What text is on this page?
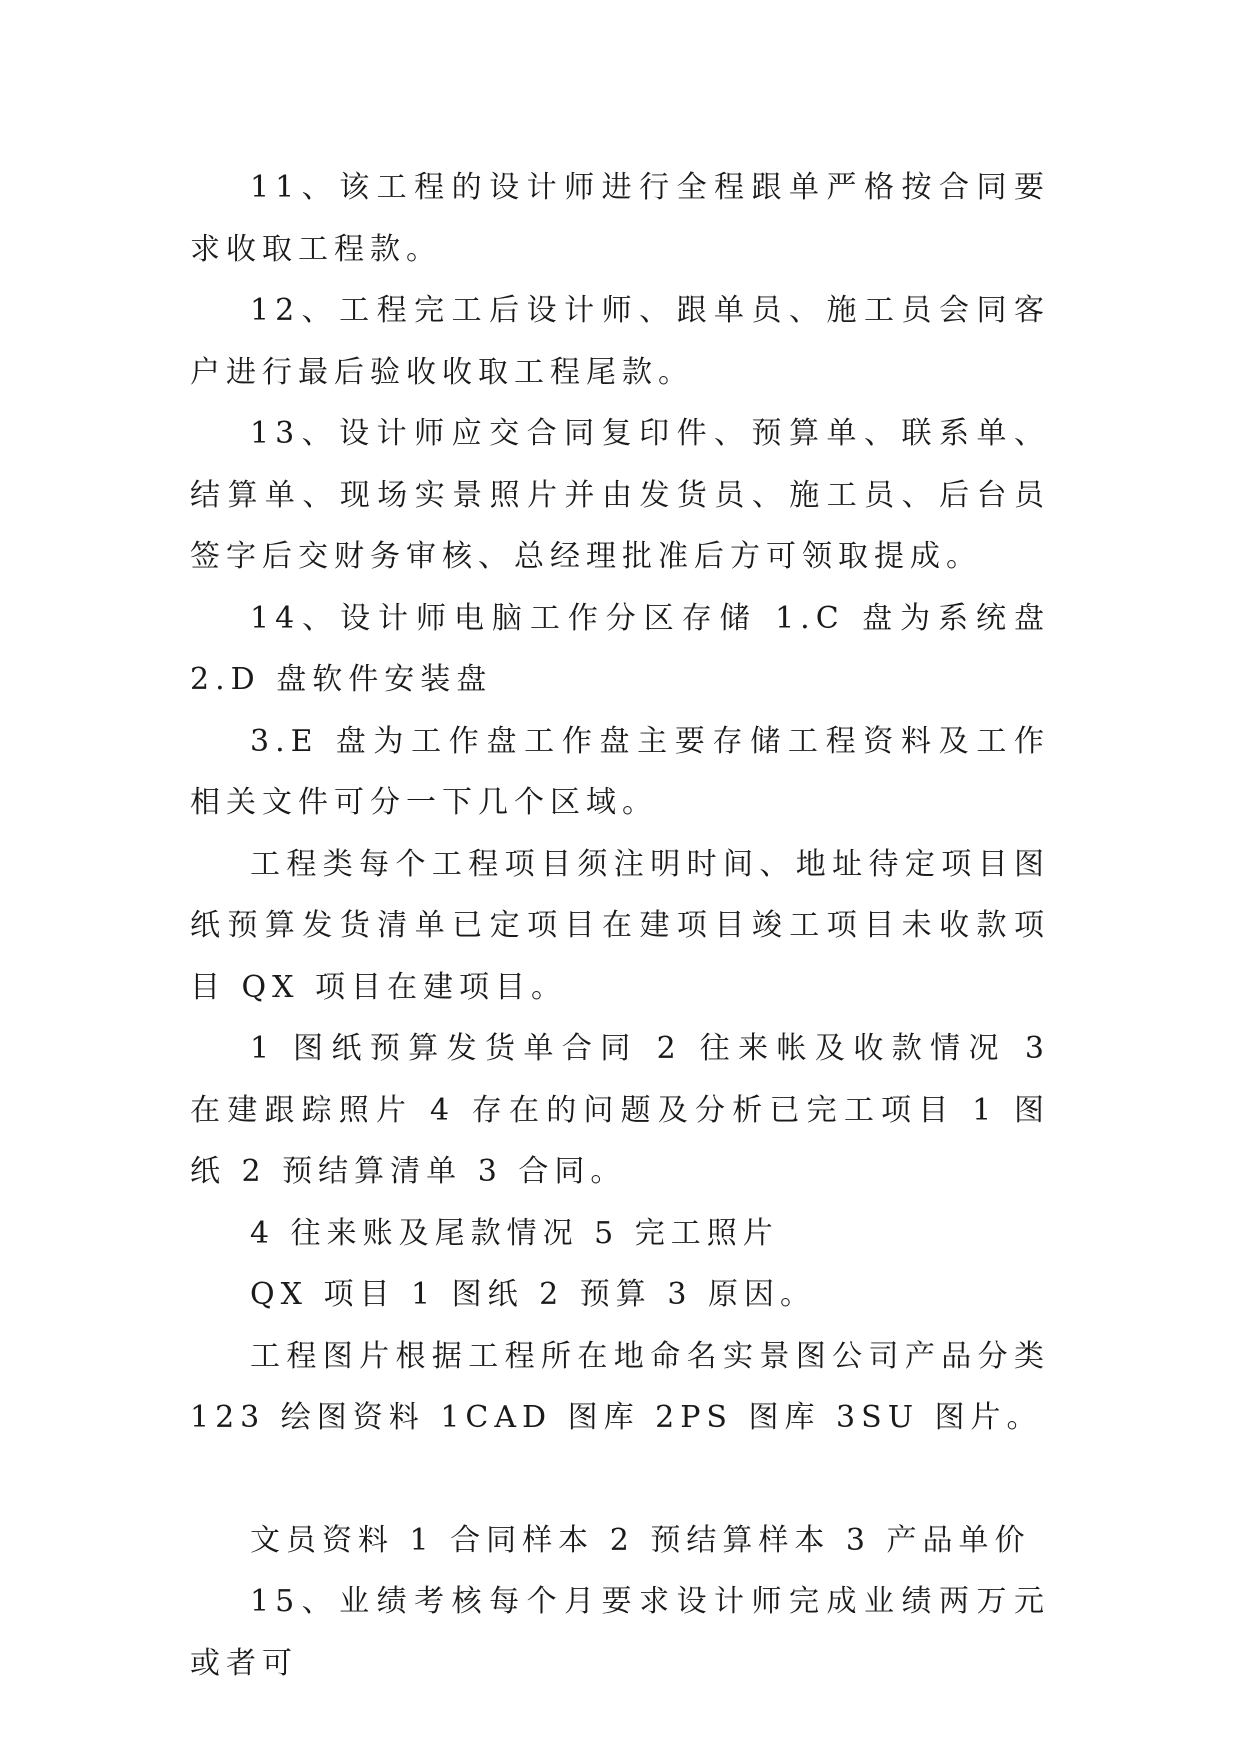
11、该工程的设计师进行全程跟单严格按合同要求收取工程款。

12、工程完工后设计师、跟单员、施工员会同客户进行最后验收收取工程尾款。

13、设计师应交合同复印件、预算单、联系单、结算单、现场实景照片并由发货员、施工员、后台员签字后交财务审核、总经理批准后方可领取提成。

14、设计师电脑工作分区存储 1.C 盘为系统盘 2.D 盘软件安装盘

3.E 盘为工作盘工作盘主要存储工程资料及工作相关文件可分一下几个区域。

工程类每个工程项目须注明时间、地址待定项目图纸预算发货清单已定项目在建项目竣工项目未收款项目 QX 项目在建项目。

1 图纸预算发货单合同 2 往来帐及收款情况 3 在建跟踪照片 4 存在的问题及分析已完工项目 1 图纸 2 预结算清单 3 合同。

4 往来账及尾款情况 5 完工照片

QX 项目 1 图纸 2 预算 3 原因。

工程图片根据工程所在地命名实景图公司产品分类 123 绘图资料 1CAD 图库 2PS 图库 3SU 图片。

文员资料 1 合同样本 2 预结算样本 3 产品单价

15、业绩考核每个月要求设计师完成业绩两万元或者可
